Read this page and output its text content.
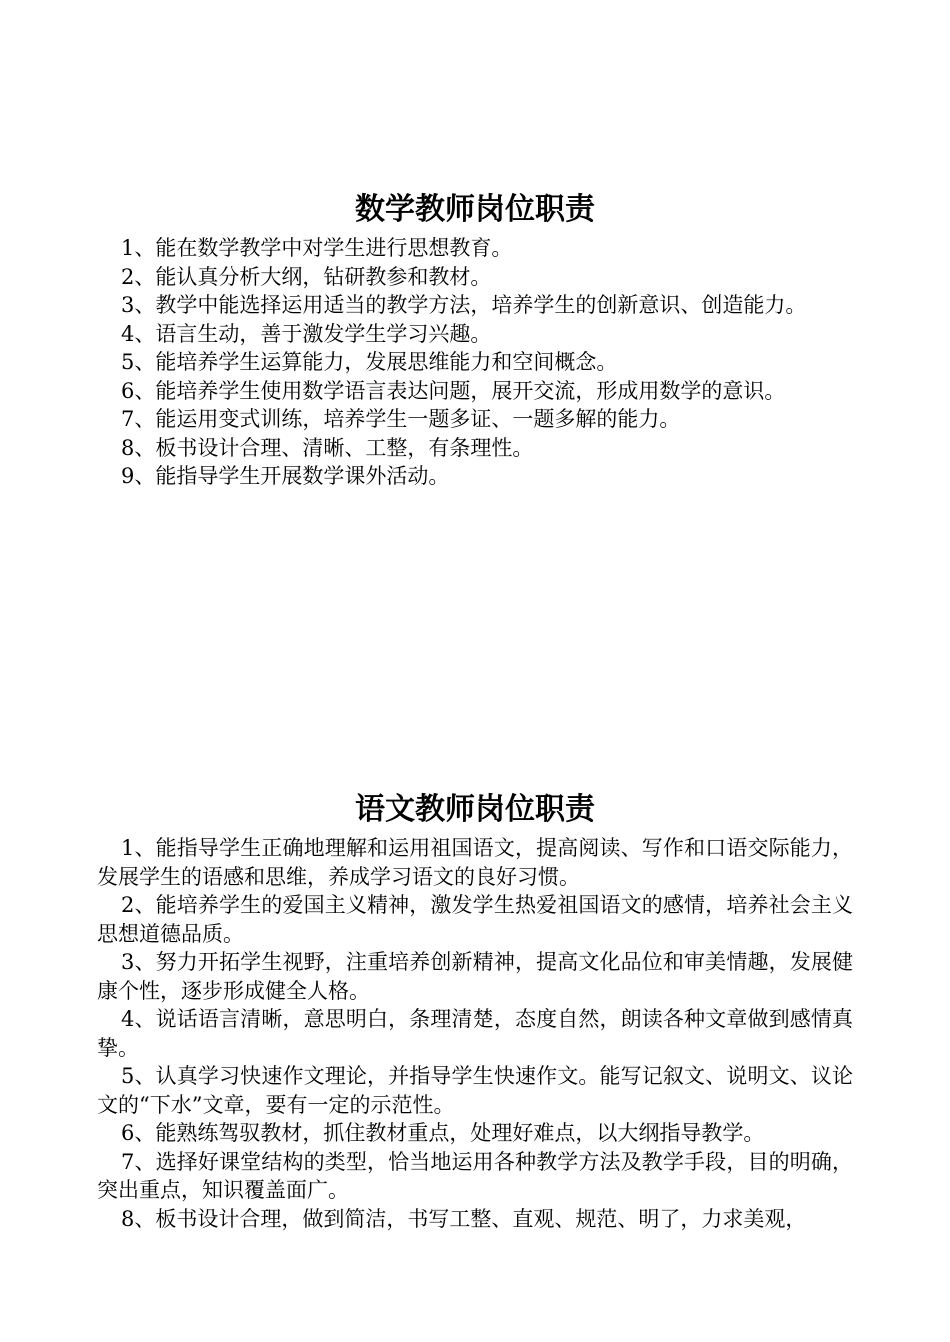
数学教师岗位职责

1、能在数学教学中对学生进行思想教育。

2、能认真分析大纲，钻研教参和教材。

3、教学中能选择运用适当的教学方法，培养学生的创新意识、创造能力。

4、语言生动，善于激发学生学习兴趣。

5、能培养学生运算能力，发展思维能力和空间概念。

6、能培养学生使用数学语言表达问题，展开交流，形成用数学的意识。

7、能运用变式训练，培养学生一题多证、一题多解的能力。

8、板书设计合理、清晰、工整，有条理性。

9、能指导学生开展数学课外活动。

语文教师岗位职责

1、能指导学生正确地理解和运用祖国语文，提高阅读、写作和口语交际能力，发展学生的语感和思维，养成学习语文的良好习惯。

2、能培养学生的爱国主义精神，激发学生热爱祖国语文的感情，培养社会主义思想道德品质。

3、努力开拓学生视野，注重培养创新精神，提高文化品位和审美情趣，发展健康个性，逐步形成健全人格。

4、说话语言清晰，意思明白，条理清楚，态度自然，朗读各种文章做到感情真挚。

5、认真学习快速作文理论，并指导学生快速作文。能写记叙文、说明文、议论文的“下水”文章，要有一定的示范性。

6、能熟练驾驭教材，抓住教材重点，处理好难点，以大纲指导教学。

7、选择好课堂结构的类型，恰当地运用各种教学方法及教学手段，目的明确，突出重点，知识覆盖面广。

8、板书设计合理，做到简洁，书写工整、直观、规范、明了，力求美观，
